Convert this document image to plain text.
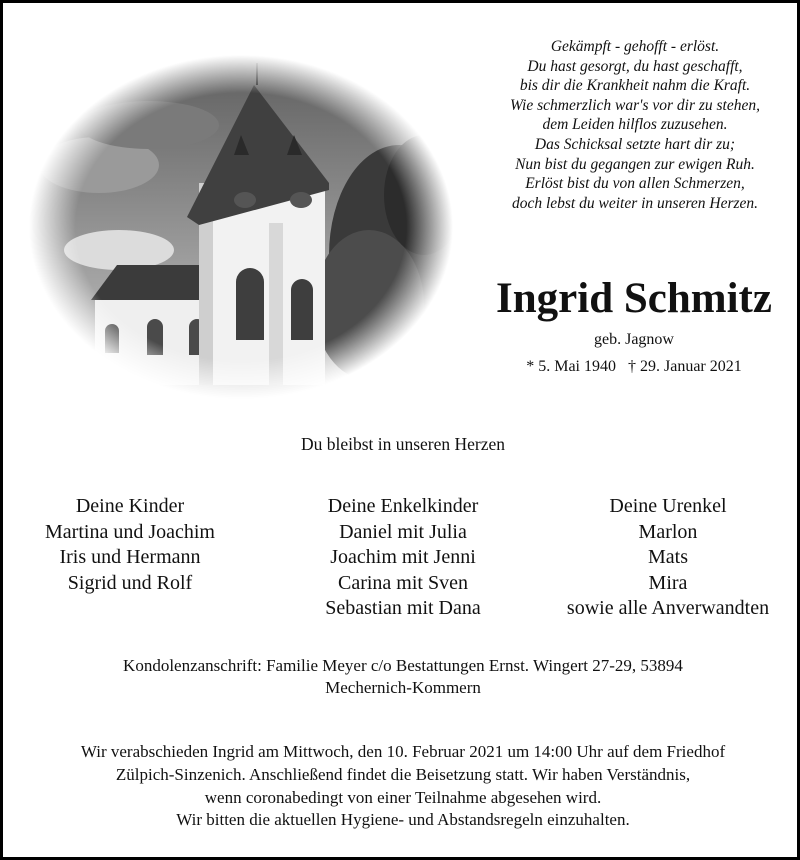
Gekämpft - gehofft - erlöst.
Du hast gesorgt, du hast geschafft,
bis dir die Krankheit nahm die Kraft.
Wie schmerzlich war's vor dir zu stehen,
dem Leiden hilflos zuzusehen.
Das Schicksal setzte hart dir zu;
Nun bist du gegangen zur ewigen Ruh.
Erlöst bist du von allen Schmerzen,
doch lebst du weiter in unseren Herzen.
Ingrid Schmitz
geb. Jagnow
* 5. Mai 1940 † 29. Januar 2021
Du bleibst in unseren Herzen
Deine Kinder
Martina und Joachim
Iris und Hermann
Sigrid und Rolf
Deine Enkelkinder
Daniel mit Julia
Joachim mit Jenni
Carina mit Sven
Sebastian mit Dana
Deine Urenkel
Marlon
Mats
Mira
sowie alle Anverwandten
Kondolenzanschrift: Familie Meyer c/o Bestattungen Ernst. Wingert 27-29, 53894
Mechernich-Kommern
Wir verabschieden Ingrid am Mittwoch, den 10. Februar 2021 um 14:00 Uhr auf dem Friedhof
Zülpich-Sinzenich. Anschließend findet die Beisetzung statt. Wir haben Verständnis,
wenn coronabedingt von einer Teilnahme abgesehen wird.
Wir bitten die aktuellen Hygiene- und Abstandsregeln einzuhalten.
